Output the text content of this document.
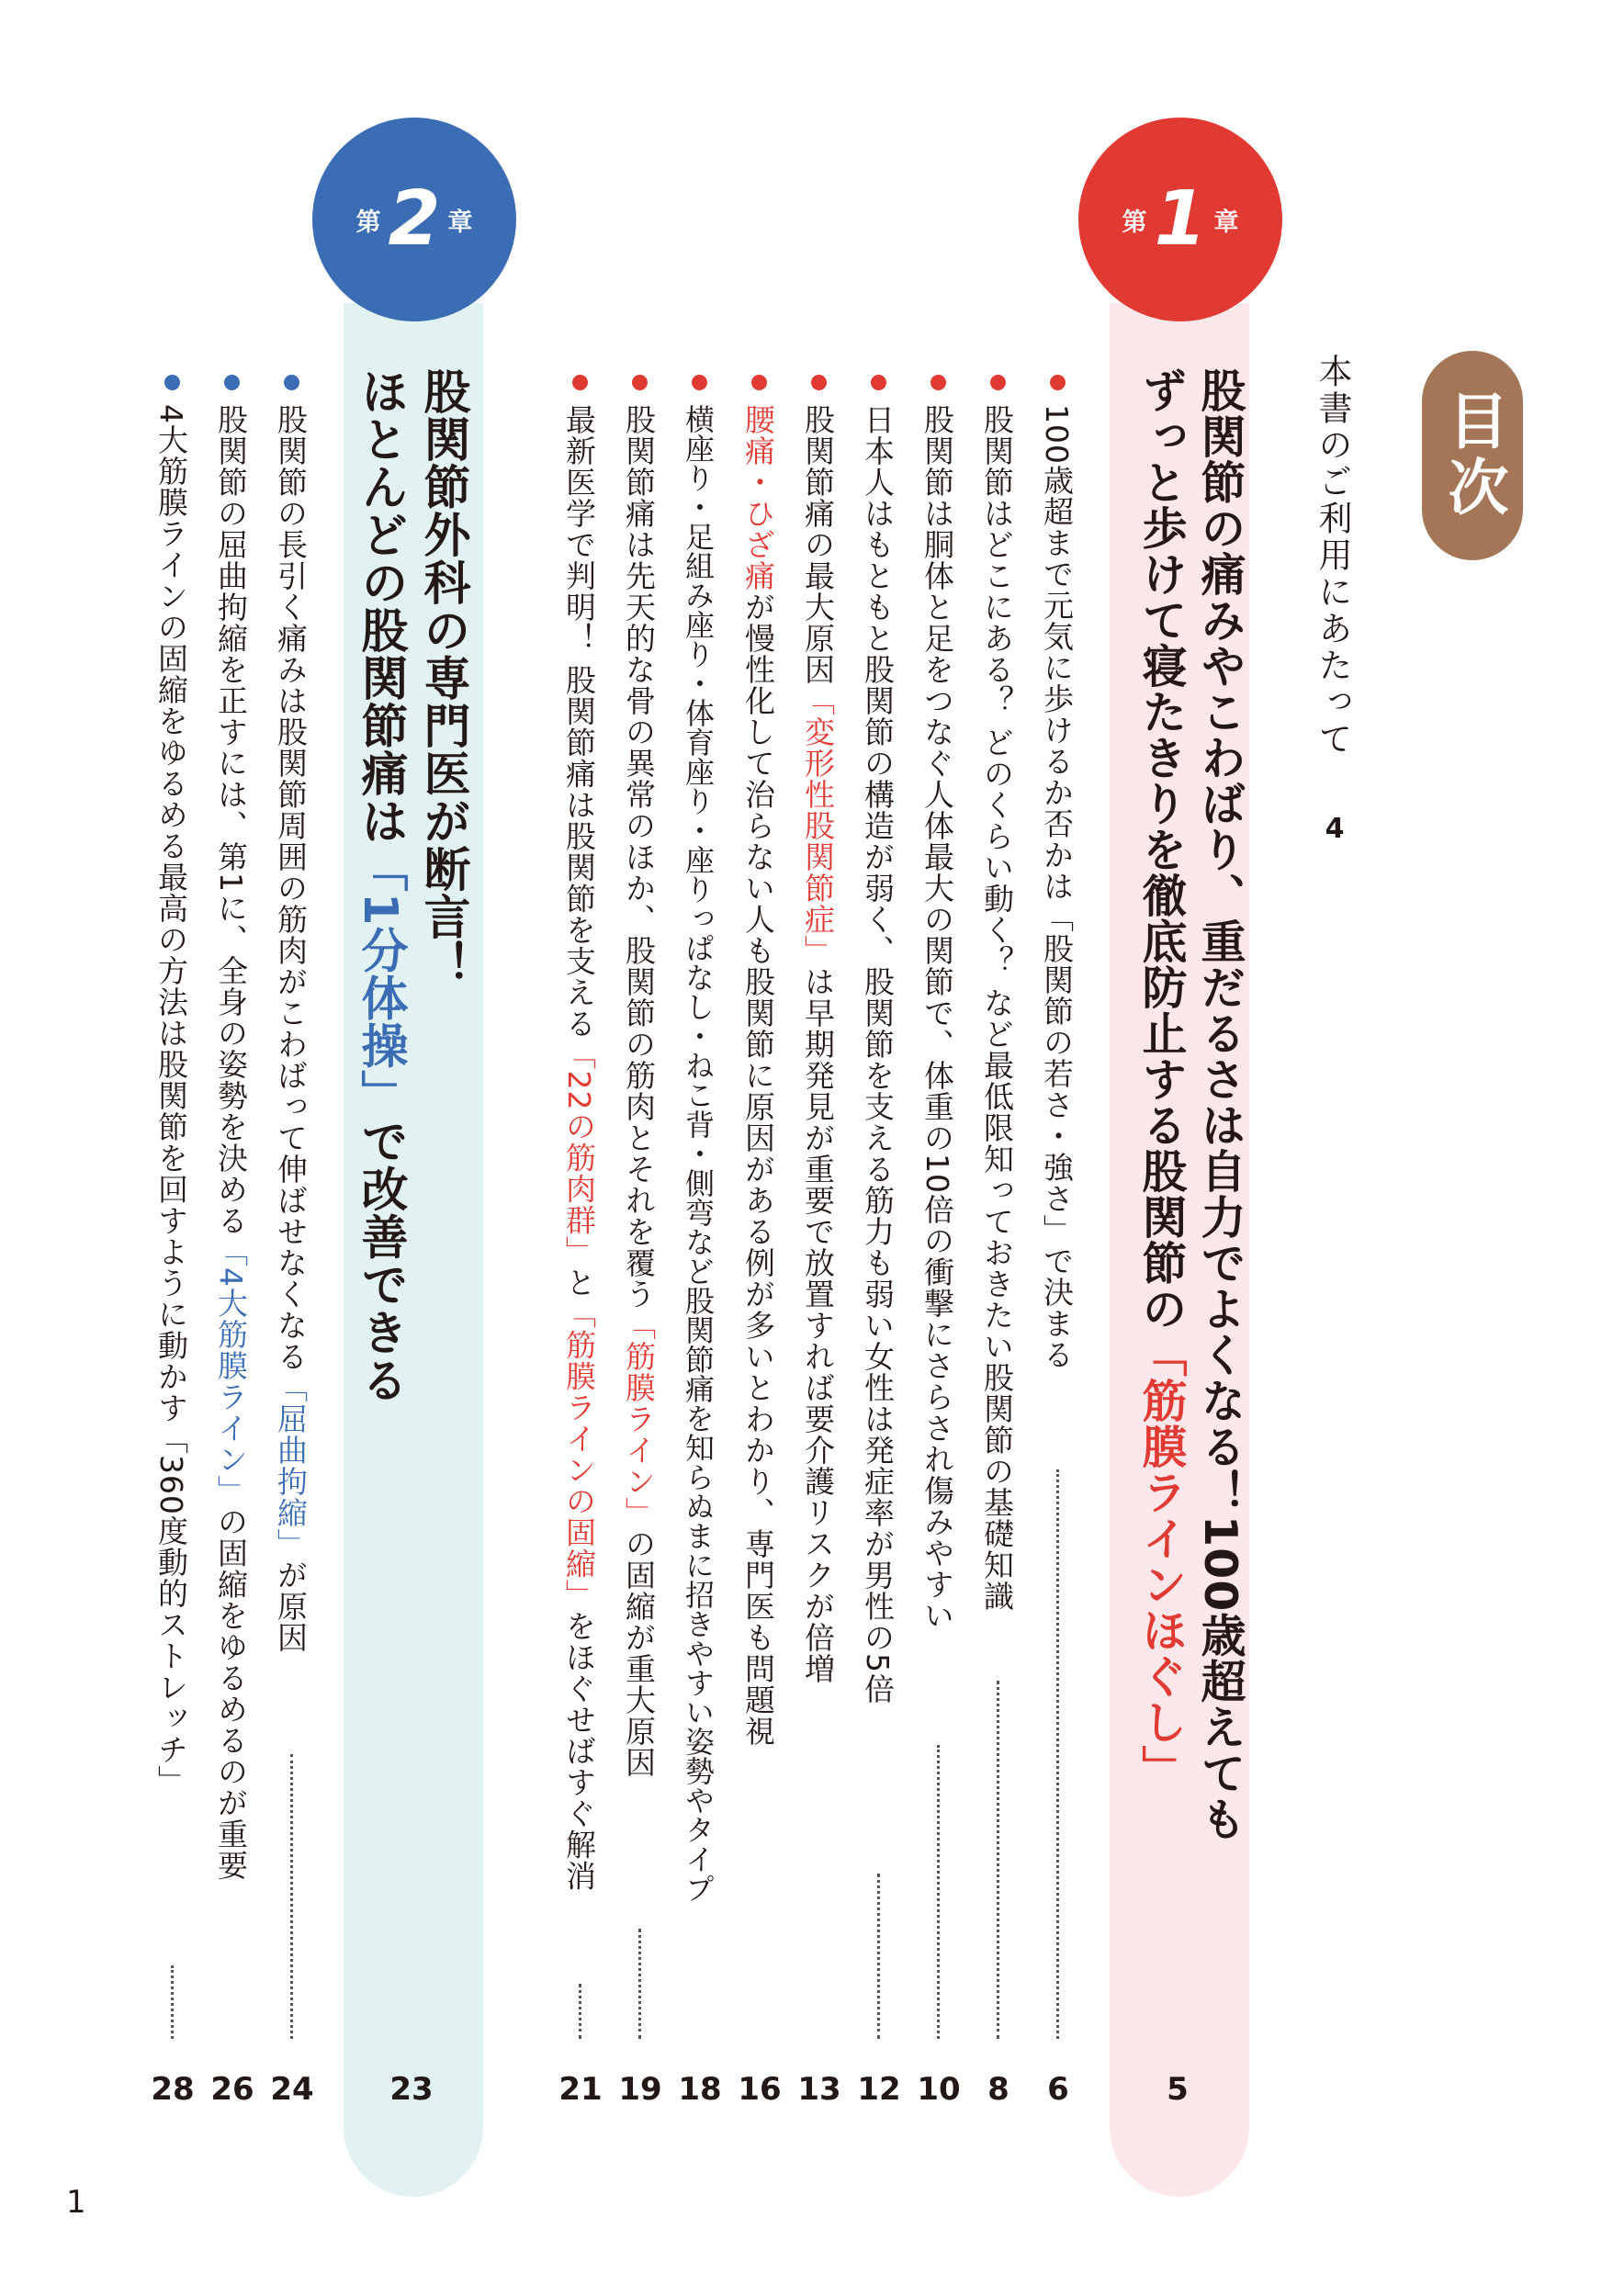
目次
本書のご利用にあたって
4
第 1 章
股関節の痛みやこわばり、重だるさは自力でよくなる！100歳超えても
ずっと歩けて寝たきりを徹底防止する股関節の「筋膜ラインほぐし」
5
100歳超まで元気に歩けるか否かは「股関節の若さ・強さ」で決まる
6
股関節はどこにある？ どのくらい動く？ など最低限知っておきたい股関節の基礎知識
8
股関節は胴体と足をつなぐ人体最大の関節で、体重の10倍の衝撃にさらされ傷みやすい
10
日本人はもともと股関節の構造が弱く、股関節を支える筋力も弱い女性は発症率が男性の5倍
12
股関節痛の最大原因「変形性股関節症」は早期発見が重要で放置すれば要介護リスクが倍増
13
腰痛・ひざ痛が慢性化して治らない人も股関節に原因がある例が多いとわかり、専門医も問題視
16
横座り・足組み座り・体育座り・座りっぱなし・ねこ背・側弯など股関節痛を知らぬまに招きやすい姿勢やタイプ
18
股関節痛は先天的な骨の異常のほか、股関節の筋肉とそれを覆う「筋膜ライン」の固縮が重大原因
19
最新医学で判明！ 股関節痛は股関節を支える「22の筋肉群」と「筋膜ラインの固縮」をほぐせばすぐ解消
21
第 2 章
股関節外科の専門医が断言！
ほとんどの股関節痛は「1分体操」で改善できる
23
股関節の長引く痛みは股関節周囲の筋肉がこわばって伸ばせなくなる「屈曲拘縮」が原因
24
股関節の屈曲拘縮を正すには、第1に、全身の姿勢を決める「4大筋膜ライン」の固縮をゆるめるのが重要
26
4大筋膜ラインの固縮をゆるめる最高の方法は股関節を回すように動かす「360度動的ストレッチ」
28
1
